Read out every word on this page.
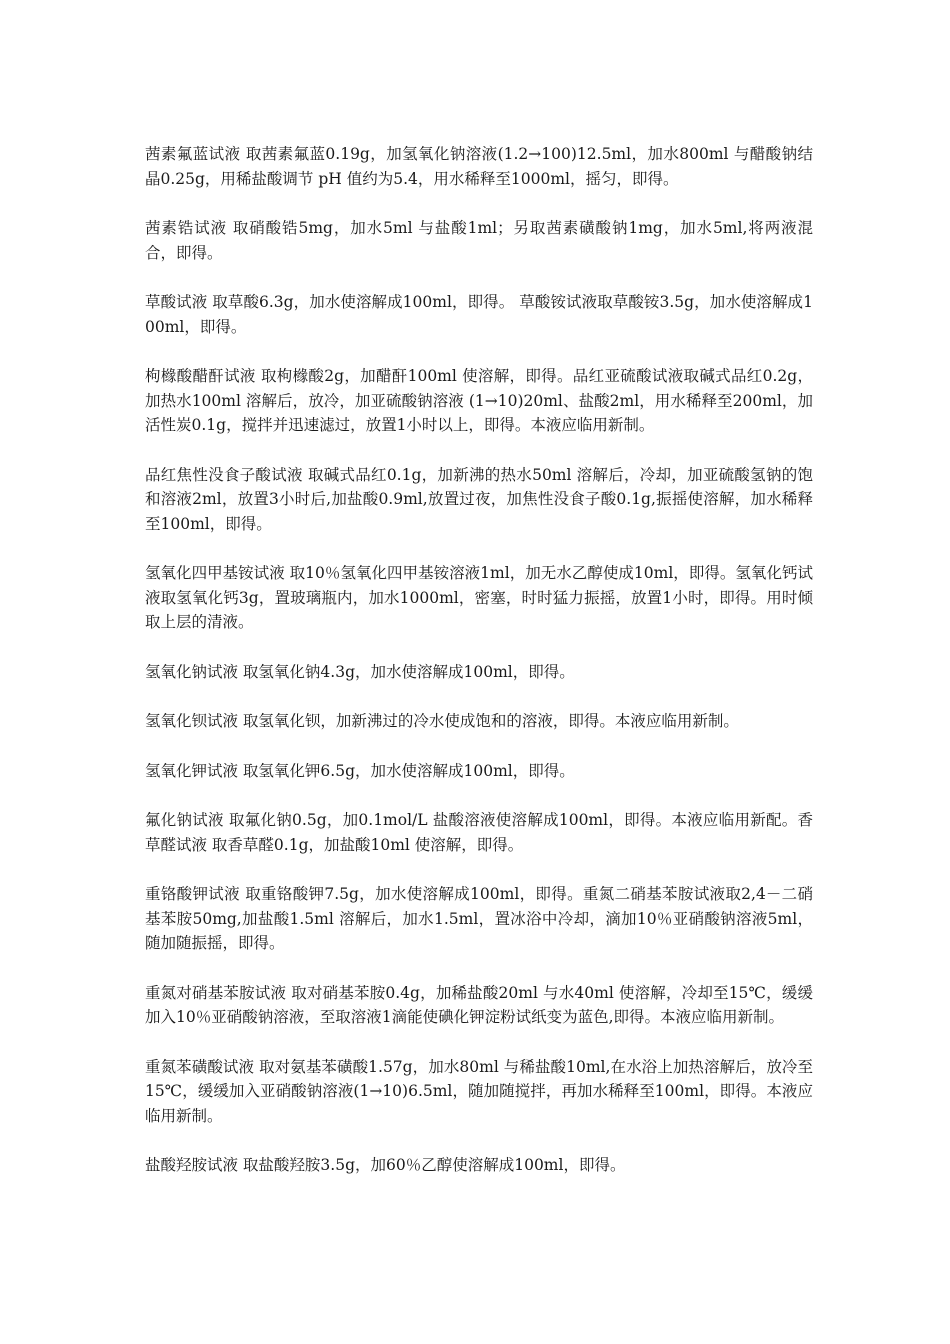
茜素氟蓝试液 取茜素氟蓝0.19g，加氢氧化钠溶液(1.2→100)12.5ml，加水800ml 与醋酸钠结晶0.25g，用稀盐酸调节 pH 值约为5.4，用水稀释至1000ml，摇匀，即得。

茜素锆试液 取硝酸锆5mg，加水5ml 与盐酸1ml；另取茜素磺酸钠1mg，加水5ml,将两液混合，即得。

草酸试液 取草酸6.3g，加水使溶解成100ml，即得。 草酸铵试液取草酸铵3.5g，加水使溶解成100ml，即得。

枸橼酸醋酐试液 取枸橼酸2g，加醋酐100ml 使溶解，即得。品红亚硫酸试液取碱式品红0.2g，加热水100ml 溶解后，放冷，加亚硫酸钠溶液 (1→10)20ml、盐酸2ml，用水稀释至200ml，加活性炭0.1g，搅拌并迅速滤过，放置1小时以上，即得。本液应临用新制。

品红焦性没食子酸试液 取碱式品红0.1g，加新沸的热水50ml 溶解后，冷却，加亚硫酸氢钠的饱和溶液2ml，放置3小时后,加盐酸0.9ml,放置过夜，加焦性没食子酸0.1g,振摇使溶解，加水稀释至100ml，即得。

氢氧化四甲基铵试液 取10％氢氧化四甲基铵溶液1ml，加无水乙醇使成10ml，即得。氢氧化钙试液取氢氧化钙3g，置玻璃瓶内，加水1000ml，密塞，时时猛力振摇，放置1小时，即得。用时倾取上层的清液。

氢氧化钠试液 取氢氧化钠4.3g，加水使溶解成100ml，即得。

氢氧化钡试液 取氢氧化钡，加新沸过的冷水使成饱和的溶液，即得。本液应临用新制。

氢氧化钾试液 取氢氧化钾6.5g，加水使溶解成100ml，即得。

氟化钠试液 取氟化钠0.5g，加0.1mol/L 盐酸溶液使溶解成100ml，即得。本液应临用新配。香草醛试液 取香草醛0.1g，加盐酸10ml 使溶解，即得。

重铬酸钾试液 取重铬酸钾7.5g，加水使溶解成100ml，即得。重氮二硝基苯胺试液取2,4－二硝基苯胺50mg,加盐酸1.5ml 溶解后，加水1.5ml，置冰浴中冷却，滴加10％亚硝酸钠溶液5ml，随加随振摇，即得。

重氮对硝基苯胺试液 取对硝基苯胺0.4g，加稀盐酸20ml 与水40ml 使溶解，冷却至15℃，缓缓加入10％亚硝酸钠溶液，至取溶液1滴能使碘化钾淀粉试纸变为蓝色,即得。本液应临用新制。

重氮苯磺酸试液 取对氨基苯磺酸1.57g，加水80ml 与稀盐酸10ml,在水浴上加热溶解后，放冷至15℃，缓缓加入亚硝酸钠溶液(1→10)6.5ml，随加随搅拌，再加水稀释至100ml，即得。本液应临用新制。

盐酸羟胺试液 取盐酸羟胺3.5g，加60％乙醇使溶解成100ml，即得。
